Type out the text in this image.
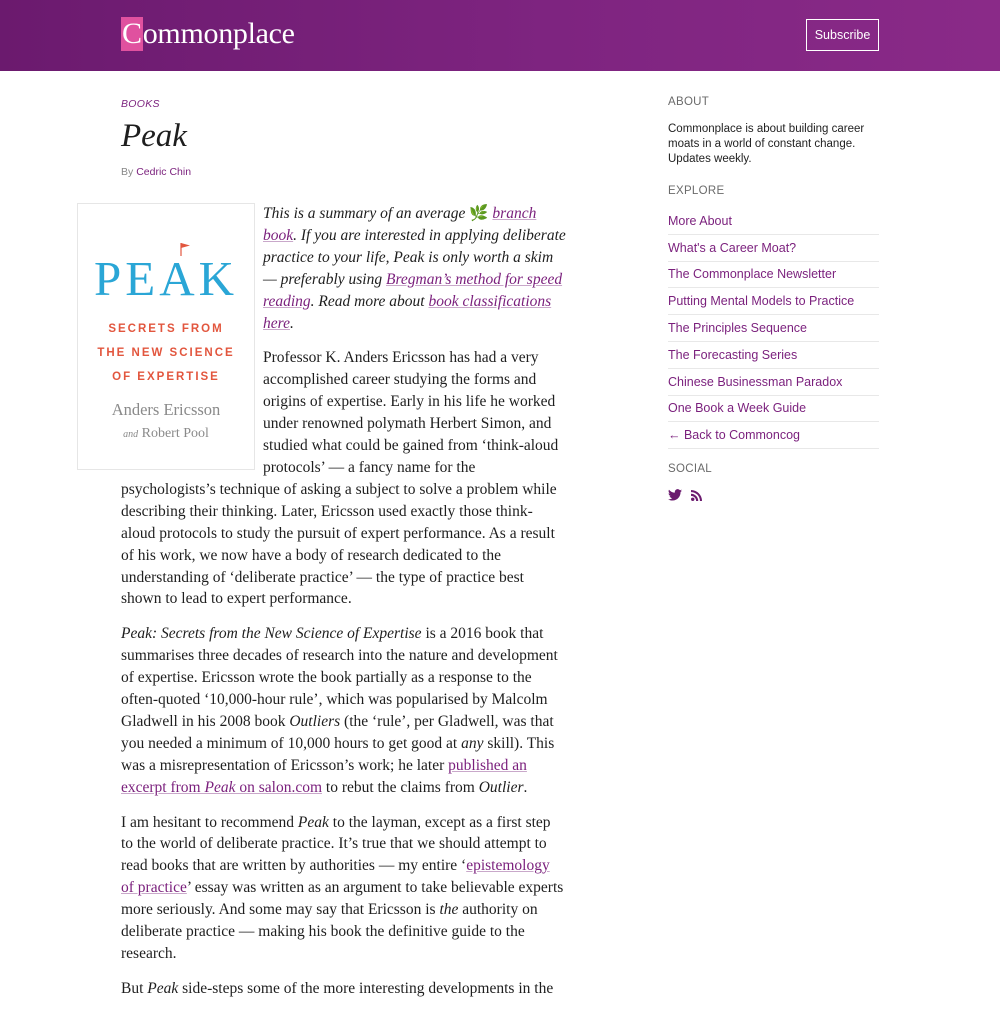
Commonplace	Subscribe
BOOKS
Peak
By Cedric Chin
PEAK
SECRETS FROM
THE NEW SCIENCE
OF EXPERTISE
Anders Ericsson
and Robert Pool

This is a summary of an average 🌿 branch book. If you are interested in applying deliberate practice to your life, Peak is only worth a skim — preferably using Bregman’s method for speed reading. Read more about book classifications here.

Professor K. Anders Ericsson has had a very accomplished career studying the forms and origins of expertise. Early in his life he worked under renowned polymath Herbert Simon, and studied what could be gained from ‘think-aloud protocols’ — a fancy name for the psychologists’s technique of asking a subject to solve a problem while describing their thinking. Later, Ericsson used exactly those think-aloud protocols to study the pursuit of expert performance. As a result of his work, we now have a body of research dedicated to the understanding of ‘deliberate practice’ — the type of practice best shown to lead to expert performance.

Peak: Secrets from the New Science of Expertise is a 2016 book that summarises three decades of research into the nature and development of expertise. Ericsson wrote the book partially as a response to the often-quoted ‘10,000-hour rule’, which was popularised by Malcolm Gladwell in his 2008 book Outliers (the ‘rule’, per Gladwell, was that you needed a minimum of 10,000 hours to get good at any skill). This was a misrepresentation of Ericsson’s work; he later published an excerpt from Peak on salon.com to rebut the claims from Outlier.

I am hesitant to recommend Peak to the layman, except as a first step to the world of deliberate practice. It’s true that we should attempt to read books that are written by authorities — my entire ‘epistemology of practice’ essay was written as an argument to take believable experts more seriously. And some may say that Ericsson is the authority on deliberate practice — making his book the definitive guide to the research.

But Peak side-steps some of the more interesting developments in the

ABOUT
Commonplace is about building career moats in a world of constant change. Updates weekly.
EXPLORE
More About
What's a Career Moat?
The Commonplace Newsletter
Putting Mental Models to Practice
The Principles Sequence
The Forecasting Series
Chinese Businessman Paradox
One Book a Week Guide
← Back to Commoncog
SOCIAL
